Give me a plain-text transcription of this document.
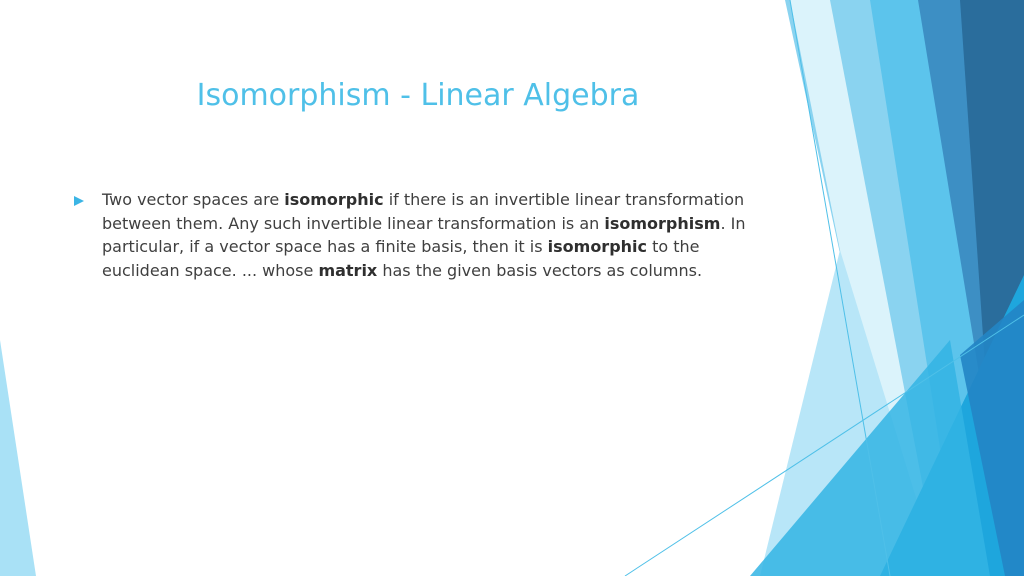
Isomorphism - Linear Algebra
Two vector spaces are isomorphic if there is an invertible linear transformation between them. Any such invertible linear transformation is an isomorphism. In particular, if a vector space has a finite basis, then it is isomorphic to the euclidean space. ... whose matrix has the given basis vectors as columns.
